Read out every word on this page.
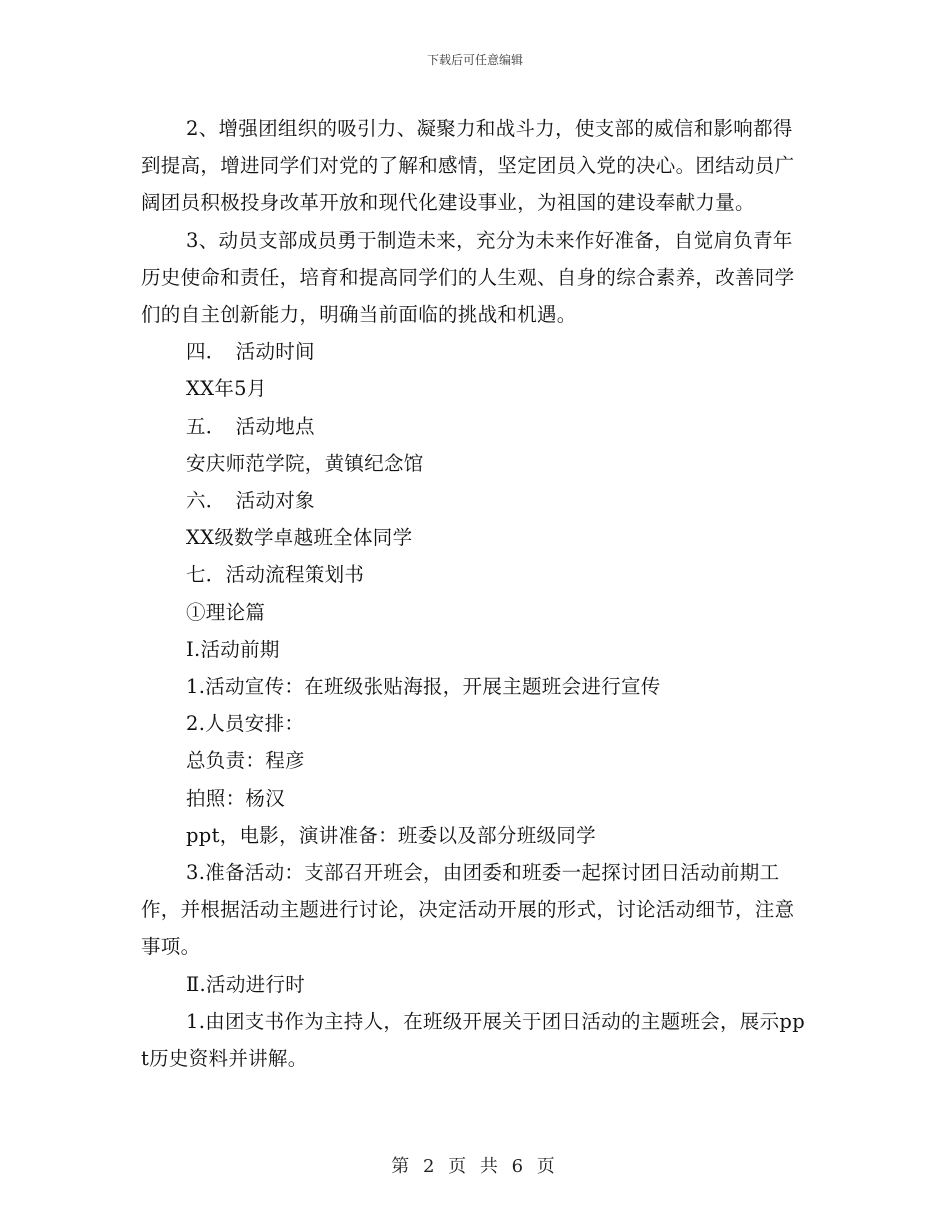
下载后可任意编辑

2、增强团组织的吸引力、凝聚力和战斗力，使支部的威信和影响都得到提高，增进同学们对党的了解和感情，坚定团员入党的决心。团结动员广阔团员积极投身改革开放和现代化建设事业，为祖国的建设奉献力量。

3、动员支部成员勇于制造未来，充分为未来作好准备，自觉肩负青年历史使命和责任，培育和提高同学们的人生观、自身的综合素养，改善同学们的自主创新能力，明确当前面临的挑战和机遇。

四．　活动时间

XX年5月

五．　活动地点

安庆师范学院，黄镇纪念馆

六．　活动对象

XX级数学卓越班全体同学

七．活动流程策划书

①理论篇

Ⅰ.活动前期

1.活动宣传：在班级张贴海报，开展主题班会进行宣传

2.人员安排：

总负责：程彦

拍照：杨汉

ppt，电影，演讲准备：班委以及部分班级同学

3.准备活动：支部召开班会，由团委和班委一起探讨团日活动前期工作，并根据活动主题进行讨论，决定活动开展的形式，讨论活动细节，注意事项。

Ⅱ.活动进行时

1.由团支书作为主持人，在班级开展关于团日活动的主题班会，展示ppt历史资料并讲解。

第 2 页 共 6 页
